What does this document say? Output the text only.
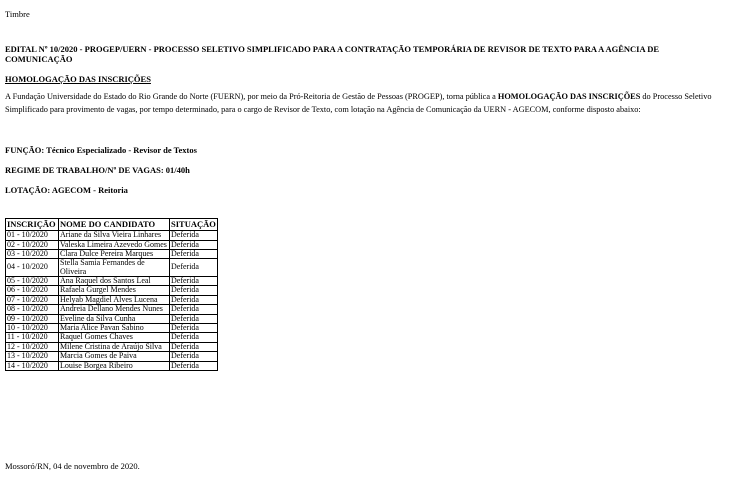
Timbre

EDITAL Nº 10/2020 - PROGEP/UERN - PROCESSO SELETIVO SIMPLIFICADO PARA A CONTRATAÇÃO TEMPORÁRIA DE REVISOR DE TEXTO PARA A AGÊNCIA DE COMUNICAÇÃO

HOMOLOGAÇÃO DAS INSCRIÇÕES

A Fundação Universidade do Estado do Rio Grande do Norte (FUERN), por meio da Pró-Reitoria de Gestão de Pessoas (PROGEP), torna pública a HOMOLOGAÇÃO DAS INSCRIÇÕES do Processo Seletivo Simplificado para provimento de vagas, por tempo determinado, para o cargo de Revisor de Texto, com lotação na Agência de Comunicação da UERN - AGECOM, conforme disposto abaixo:

FUNÇÃO: Técnico Especializado - Revisor de Textos

REGIME DE TRABALHO/Nº DE VAGAS: 01/40h

LOTAÇÃO: AGECOM - Reitoria

INSCRIÇÃO	NOME DO CANDIDATO	SITUAÇÃO
01 - 10/2020	Ariane da Silva Vieira Linhares	Deferida
02 - 10/2020	Valeska Limeira Azevedo Gomes	Deferida
03 - 10/2020	Clara Dulce Pereira Marques	Deferida
04 - 10/2020	Stella Samia Fernandes de Oliveira	Deferida
05 - 10/2020	Ana Raquel dos Santos Leal	Deferida
06 - 10/2020	Rafaela Gurgel Mendes	Deferida
07 - 10/2020	Helyab Magdiel Alves Lucena	Deferida
08 - 10/2020	Andreia Dellano Mendes Nunes	Deferida
09 - 10/2020	Eveline da Silva Cunha	Deferida
10 - 10/2020	Maria Alice Pavan Sabino	Deferida
11 - 10/2020	Raquel Gomes Chaves	Deferida
12 - 10/2020	Milene Cristina de Araújo Silva	Deferida
13 - 10/2020	Marcia Gomes de Paiva	Deferida
14 - 10/2020	Louise Borgea Ribeiro	Deferida

Mossoró/RN, 04 de novembro de 2020.
